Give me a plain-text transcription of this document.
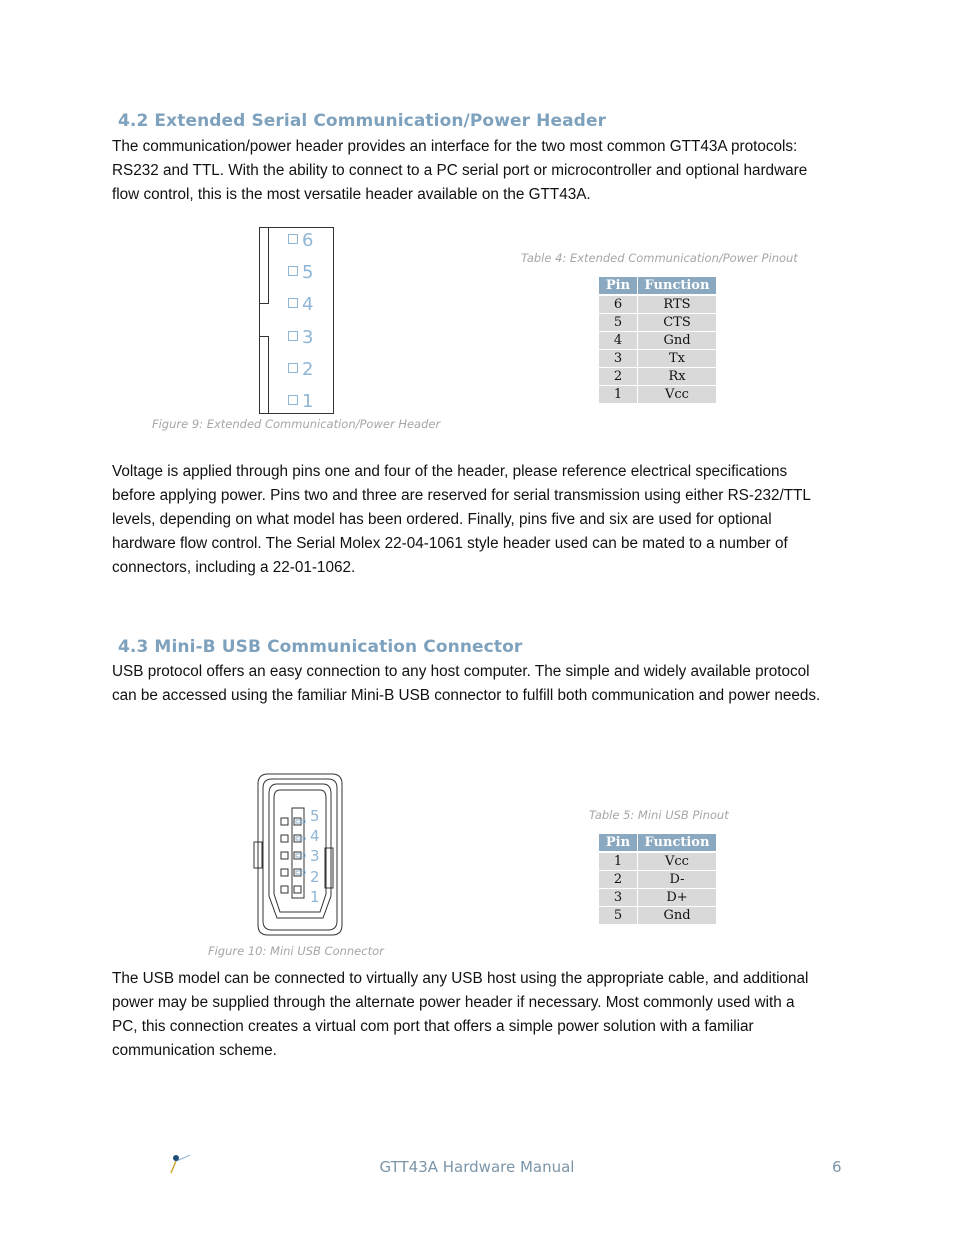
4.2 Extended Serial Communication/Power Header
The communication/power header provides an interface for the two most common GTT43A protocols:
RS232 and TTL. With the ability to connect to a PC serial port or microcontroller and optional hardware
flow control, this is the most versatile header available on the GTT43A.
6
5
4
3
2
1
Figure 9: Extended Communication/Power Header
Table 4: Extended Communication/Power Pinout
Pin	Function
6	RTS
5	CTS
4	Gnd
3	Tx
2	Rx
1	Vcc
Voltage is applied through pins one and four of the header, please reference electrical specifications
before applying power. Pins two and three are reserved for serial transmission using either RS-232/TTL
levels, depending on what model has been ordered. Finally, pins five and six are used for optional
hardware flow control. The Serial Molex 22-04-1061 style header used can be mated to a number of
connectors, including a 22-01-1062.
4.3 Mini-B USB Communication Connector
USB protocol offers an easy connection to any host computer. The simple and widely available protocol
can be accessed using the familiar Mini-B USB connector to fulfill both communication and power needs.
5
4
3
2
1
Figure 10: Mini USB Connector
Table 5: Mini USB Pinout
Pin	Function
1	Vcc
2	D-
3	D+
5	Gnd
The USB model can be connected to virtually any USB host using the appropriate cable, and additional
power may be supplied through the alternate power header if necessary. Most commonly used with a
PC, this connection creates a virtual com port that offers a simple power solution with a familiar
communication scheme.
GTT43A Hardware Manual	6
